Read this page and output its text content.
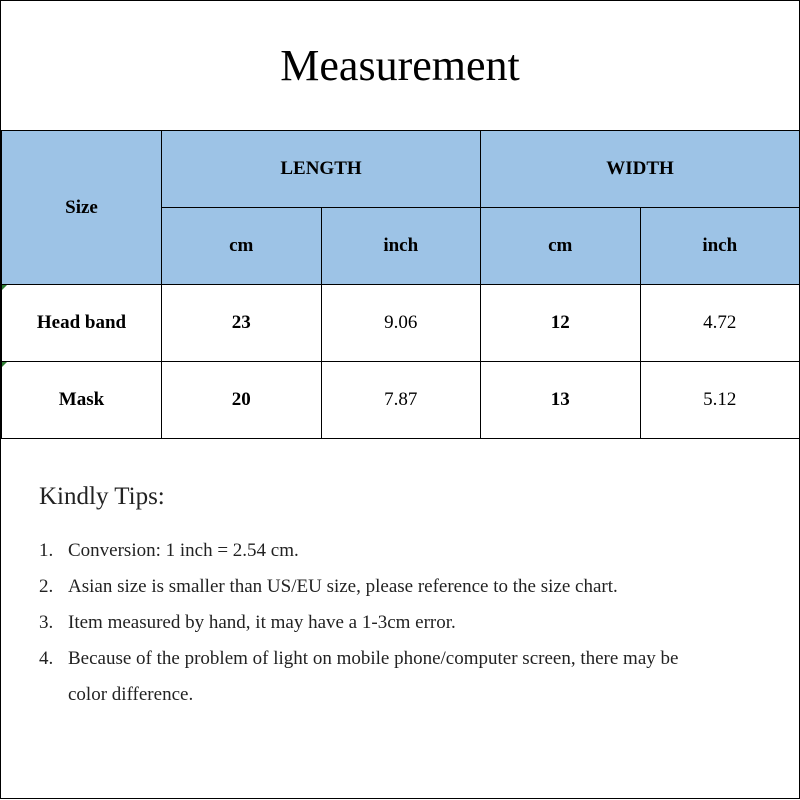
Measurement
Size	LENGTH		WIDTH	
	cm	inch	cm	inch
Head band	23	9.06	12	4.72
Mask	20	7.87	13	5.12
Kindly Tips:
1. Conversion: 1 inch = 2.54 cm.
2. Asian size is smaller than US/EU size, please reference to the size chart.
3. Item measured by hand, it may have a 1-3cm error.
4. Because of the problem of light on mobile phone/computer screen, there may be color difference.
